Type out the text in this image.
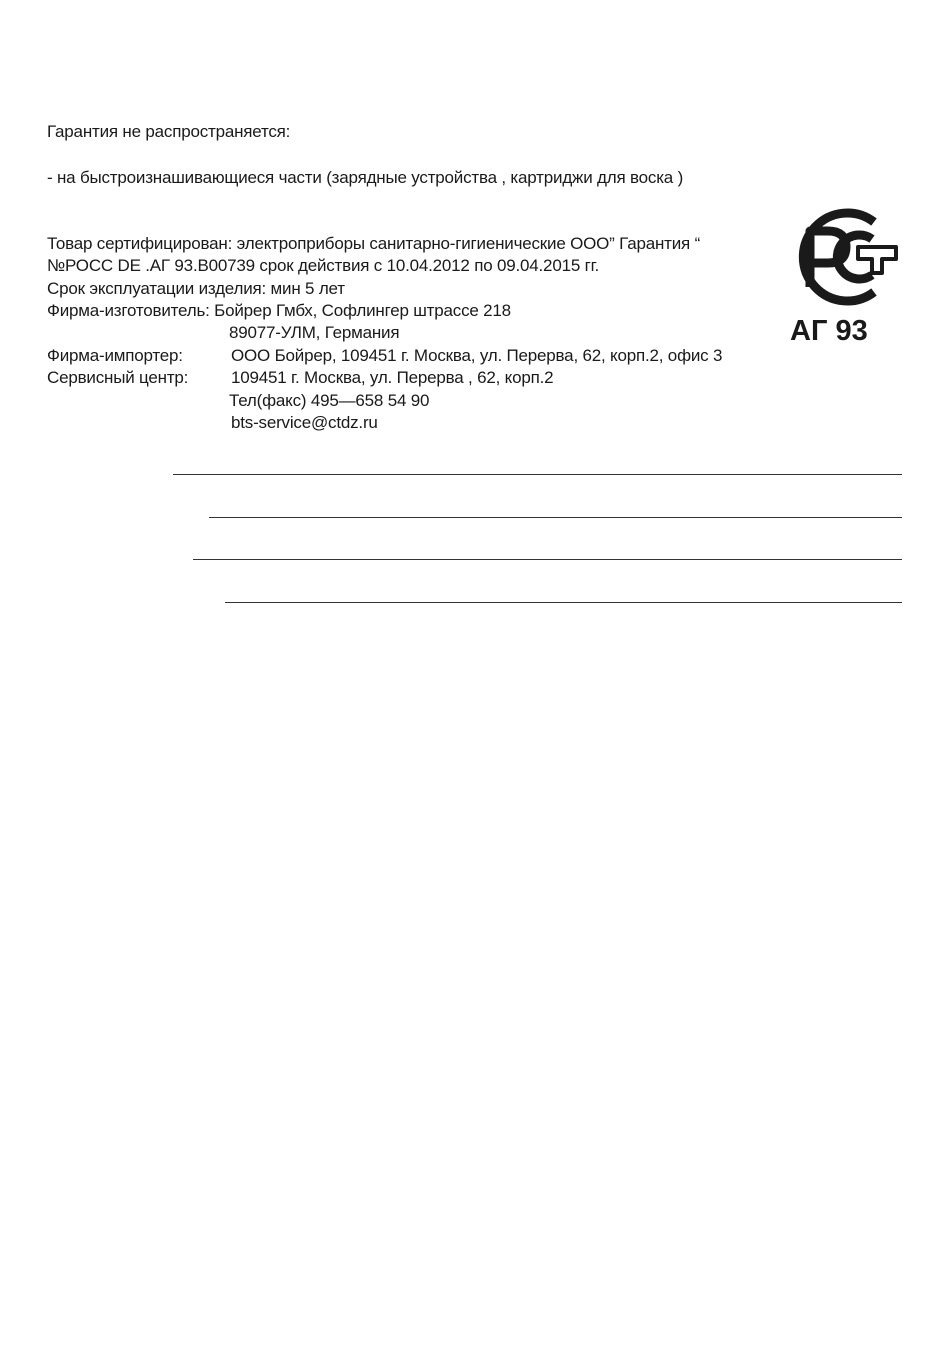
Гарантия не распространяется:
- на быстроизнашивающиеся части (зарядные устройства , картриджи для воска )
Товар сертифицирован: электроприборы санитарно-гигиенические ООО” Гарантия “
№РОСС DE .АГ 93.В00739 срок действия с 10.04.2012 по 09.04.2015 гг.
Срок эксплуатации изделия: мин 5 лет
Фирма-изготовитель: Бойрер Гмбх, Софлингер штрассе 218
89077-УЛМ, Германия
Фирма-импортер:	ООО Бойрер, 109451 г. Москва, ул. Перерва, 62, корп.2, офис 3
Сервисный центр:	109451 г. Москва, ул. Перерва , 62, корп.2
Тел(факс) 495—658 54 90
bts-service@ctdz.ru
АГ 93
